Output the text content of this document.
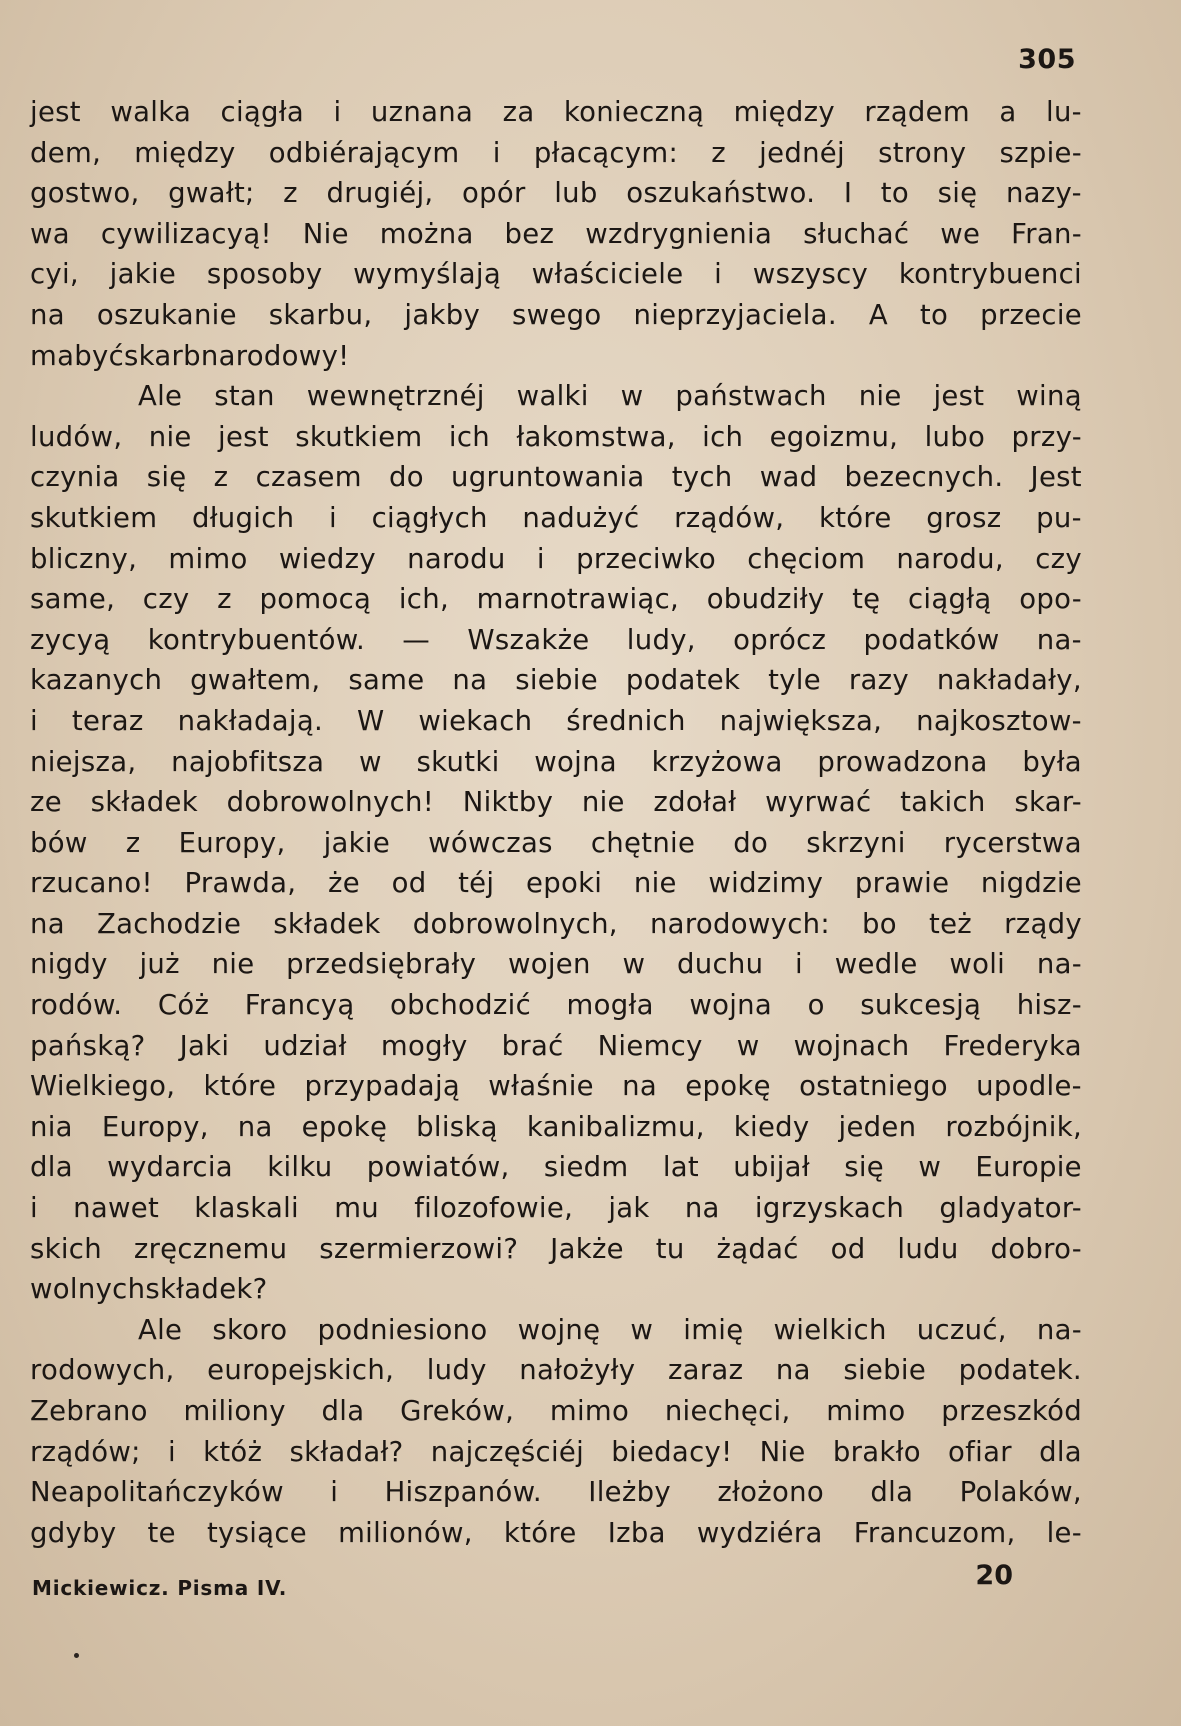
305
jest walka ciągła i uznana za konieczną między rządem a lu-
dem, między odbiérającym i płacącym: z jednéj strony szpie-
gostwo, gwałt; z drugiéj, opór lub oszukaństwo. I to się nazy-
wa cywilizacyą! Nie można bez wzdrygnienia słuchać we Fran-
cyi, jakie sposoby wymyślają właściciele i wszyscy kontrybuenci
na oszukanie skarbu, jakby swego nieprzyjaciela. A to przecie
ma być skarb narodowy!
Ale stan wewnętrznéj walki w państwach nie jest winą
ludów, nie jest skutkiem ich łakomstwa, ich egoizmu, lubo przy-
czynia się z czasem do ugruntowania tych wad bezecnych. Jest
skutkiem długich i ciągłych nadużyć rządów, które grosz pu-
bliczny, mimo wiedzy narodu i przeciwko chęciom narodu, czy
same, czy z pomocą ich, marnotrawiąc, obudziły tę ciągłą opo-
zycyą kontrybuentów. — Wszakże ludy, oprócz podatków na-
kazanych gwałtem, same na siebie podatek tyle razy nakładały,
i teraz nakładają. W wiekach średnich największa, najkosztow-
niejsza, najobfitsza w skutki wojna krzyżowa prowadzona była
ze składek dobrowolnych! Niktby nie zdołał wyrwać takich skar-
bów z Europy, jakie wówczas chętnie do skrzyni rycerstwa
rzucano! Prawda, że od téj epoki nie widzimy prawie nigdzie
na Zachodzie składek dobrowolnych, narodowych: bo też rządy
nigdy już nie przedsiębrały wojen w duchu i wedle woli na-
rodów. Cóż Francyą obchodzić mogła wojna o sukcesją hisz-
pańską? Jaki udział mogły brać Niemcy w wojnach Frederyka
Wielkiego, które przypadają właśnie na epokę ostatniego upodle-
nia Europy, na epokę bliską kanibalizmu, kiedy jeden rozbójnik,
dla wydarcia kilku powiatów, siedm lat ubijał się w Europie
i nawet klaskali mu filozofowie, jak na igrzyskach gladyator-
skich zręcznemu szermierzowi? Jakże tu żądać od ludu dobro-
wolnych składek?
Ale skoro podniesiono wojnę w imię wielkich uczuć, na-
rodowych, europejskich, ludy nałożyły zaraz na siebie podatek.
Zebrano miliony dla Greków, mimo niechęci, mimo przeszkód
rządów; i któż składał? najczęściéj biedacy! Nie brakło ofiar dla
Neapolitańczyków i Hiszpanów. Ileżby złożono dla Polaków,
gdyby te tysiące milionów, które Izba wydziéra Francuzom, le-
Mickiewicz. Pisma IV.	20
